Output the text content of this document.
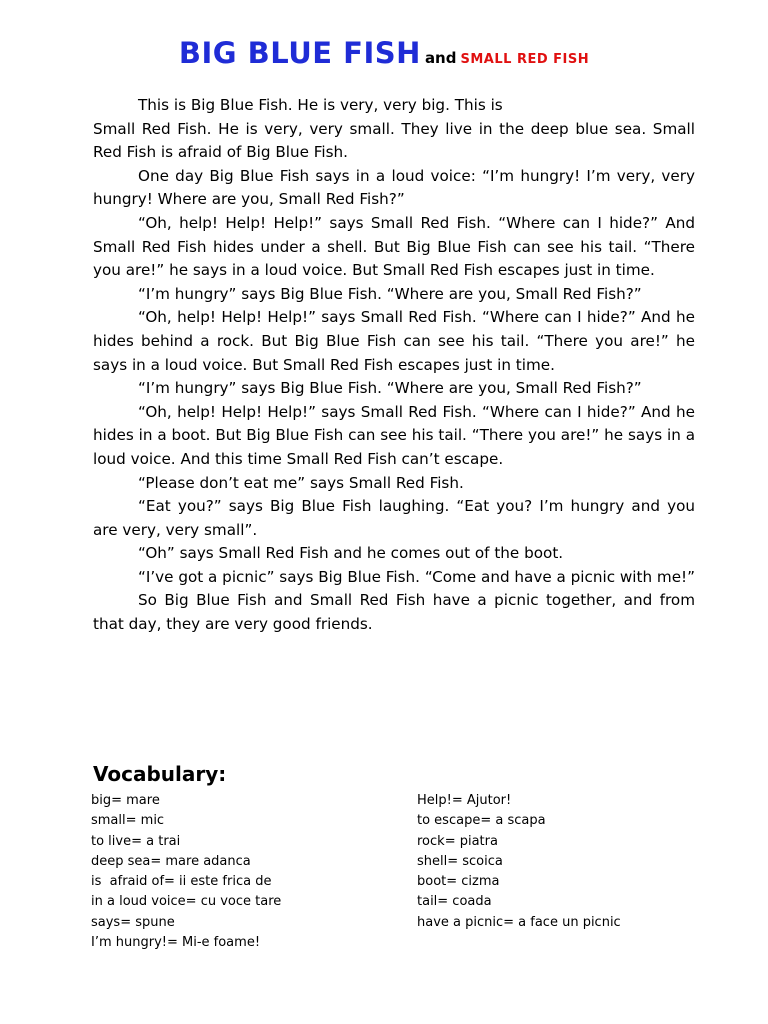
BIG BLUE FISH and SMALL RED FISH

This is Big Blue Fish. He is very, very big. This is

Small Red Fish. He is very, very small. They live in the deep blue sea. Small Red Fish is afraid of Big Blue Fish.

One day Big Blue Fish says in a loud voice: “I’m hungry! I’m very, very hungry! Where are you, Small Red Fish?”

“Oh, help! Help! Help!” says Small Red Fish. “Where can I hide?” And Small Red Fish hides under a shell. But Big Blue Fish can see his tail. “There you are!” he says in a loud voice. But Small Red Fish escapes just in time.

“I’m hungry” says Big Blue Fish. “Where are you, Small Red Fish?”

“Oh, help! Help! Help!” says Small Red Fish. “Where can I hide?” And he hides behind a rock. But Big Blue Fish can see his tail. “There you are!” he says in a loud voice. But Small Red Fish escapes just in time.

“I’m hungry” says Big Blue Fish. “Where are you, Small Red Fish?”

“Oh, help! Help! Help!” says Small Red Fish. “Where can I hide?” And he hides in a boot. But Big Blue Fish can see his tail. “There you are!” he says in a loud voice. And this time Small Red Fish can’t escape.

“Please don’t eat me” says Small Red Fish.

“Eat you?” says Big Blue Fish laughing. “Eat you? I’m hungry and you are very, very small”.

“Oh” says Small Red Fish and he comes out of the boot.

“I’ve got a picnic” says Big Blue Fish. “Come and have a picnic with me!”

So Big Blue Fish and Small Red Fish have a picnic together, and from that day, they are very good friends.

Vocabulary:
big= mare
small= mic
to live= a trai
deep sea= mare adanca
is  afraid of= ii este frica de
in a loud voice= cu voce tare
says= spune
I’m hungry!= Mi-e foame!
Help!= Ajutor!
to escape= a scapa
rock= piatra
shell= scoica
boot= cizma
tail= coada
have a picnic= a face un picnic
